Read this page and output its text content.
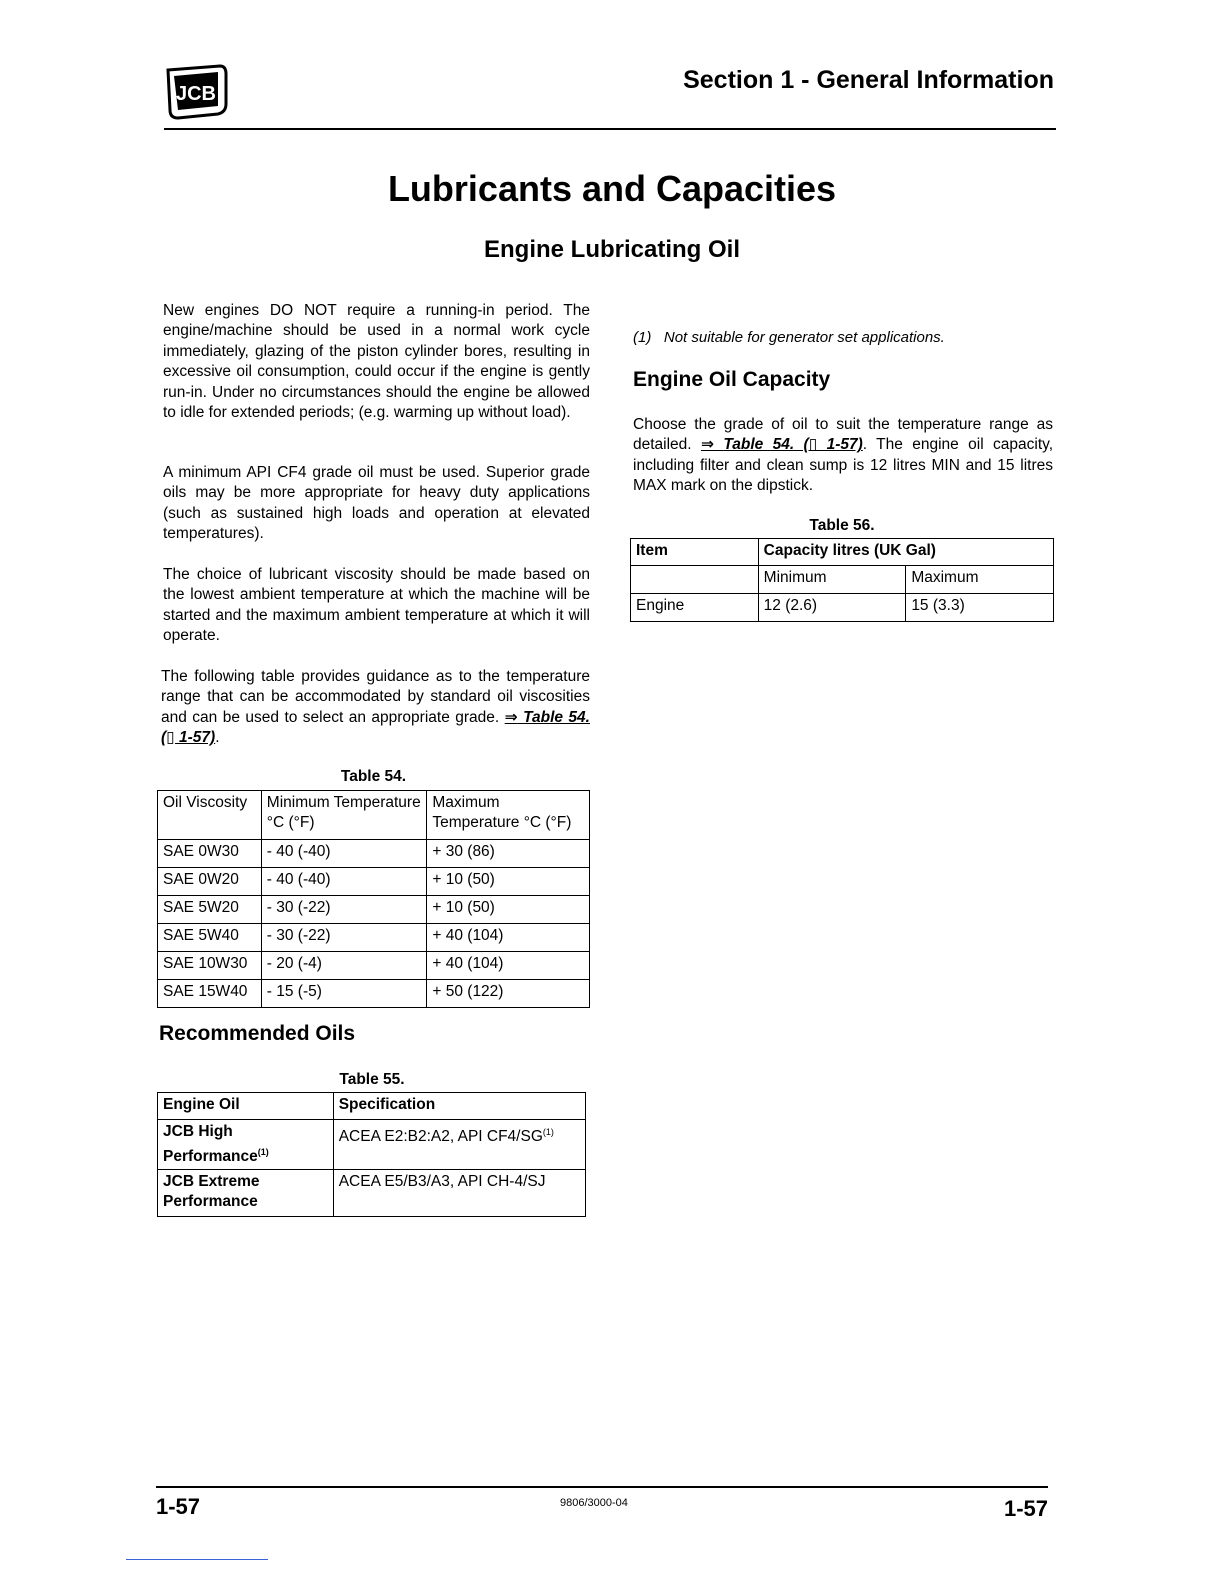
JCB	Section 1 - General Information
Lubricants and Capacities
Engine Lubricating Oil
New engines DO NOT require a running-in period. The engine/machine should be used in a normal work cycle immediately, glazing of the piston cylinder bores, resulting in excessive oil consumption, could occur if the engine is gently run-in. Under no circumstances should the engine be allowed to idle for extended periods; (e.g. warming up without load).
A minimum API CF4 grade oil must be used. Superior grade oils may be more appropriate for heavy duty applications (such as sustained high loads and operation at elevated temperatures).
The choice of lubricant viscosity should be made based on the lowest ambient temperature at which the machine will be started and the maximum ambient temperature at which it will operate.
The following table provides guidance as to the temperature range that can be accommodated by standard oil viscosities and can be used to select an appropriate grade. ⇒ Table 54. (▯ 1-57).
Table 54.
Oil Viscosity	Minimum Temperature °C (°F)	Maximum Temperature °C (°F)
SAE 0W30	- 40 (-40)	+ 30 (86)
SAE 0W20	- 40 (-40)	+ 10 (50)
SAE 5W20	- 30 (-22)	+ 10 (50)
SAE 5W40	- 30 (-22)	+ 40 (104)
SAE 10W30	- 20 (-4)	+ 40 (104)
SAE 15W40	- 15 (-5)	+ 50 (122)
Recommended Oils
Table 55.
Engine Oil	Specification
JCB High Performance$^{(1)}$	ACEA E2:B2:A2, API CF4/SG$^{(1)}$
JCB Extreme Performance	ACEA E5/B3/A3, API CH-4/SJ
(1) Not suitable for generator set applications.
Engine Oil Capacity
Choose the grade of oil to suit the temperature range as detailed. ⇒ Table 54. (▯ 1-57). The engine oil capacity, including filter and clean sump is 12 litres MIN and 15 litres MAX mark on the dipstick.
Table 56.
Item	Capacity litres (UK Gal)	
	Minimum	Maximum
Engine	12 (2.6)	15 (3.3)
1-57	9806/3000-04	1-57
